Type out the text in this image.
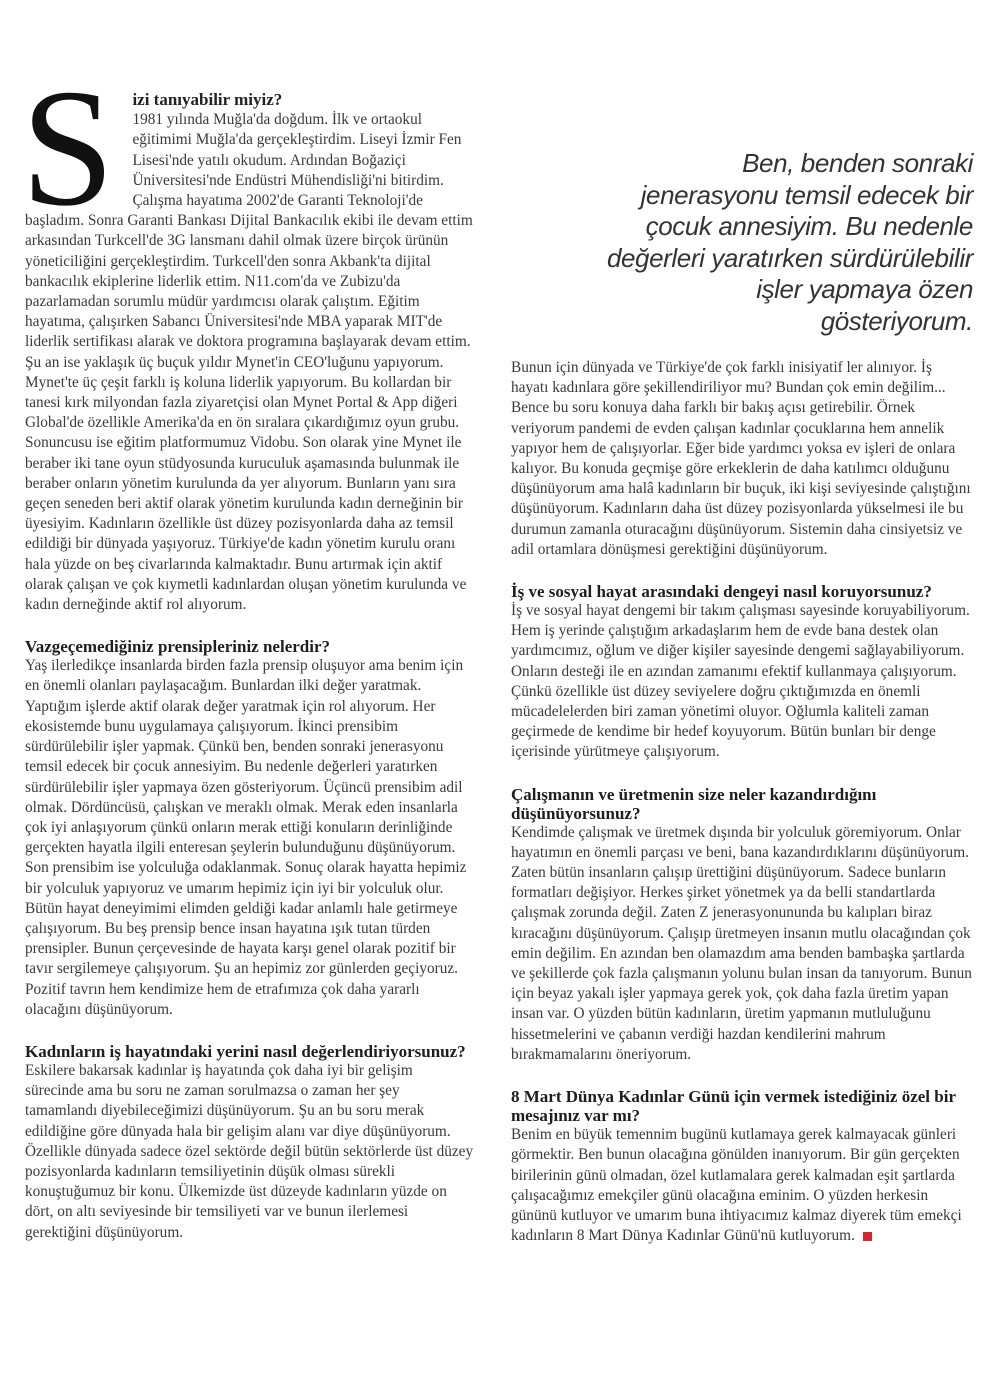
Ben, benden sonraki jenerasyonu temsil edecek bir çocuk annesiyim. Bu nedenle değerleri yaratırken sürdürülebilir işler yapmaya özen gösteriyorum.
S	izi tanıyabilir miyiz?

1981 yılında Muğla'da doğdum. İlk ve ortaokul eğitimimi Muğla'da gerçekleştirdim. Liseyi İzmir Fen Lisesi'nde yatılı okudum. Ardından Boğaziçi Üniversitesi'nde Endüstri Mühendisliği'ni bitirdim. Çalışma hayatıma 2002'de Garanti Teknoloji'de başladım. Sonra Garanti Bankası Dijital Bankacılık ekibi ile devam ettim arkasından Turkcell'de 3G lansmanı dahil olmak üzere birçok ürünün yöneticiliğini gerçekleştirdim. Turkcell'den sonra Akbank'ta dijital bankacılık ekiplerine liderlik ettim. N11.com'da ve Zubizu'da pazarlamadan sorumlu müdür yardımcısı olarak çalıştım. Eğitim hayatıma, çalışırken Sabancı Üniversitesi'nde MBA yaparak MIT'de liderlik sertifikası alarak ve doktora programına başlayarak devam ettim. Şu an ise yaklaşık üç buçuk yıldır Mynet'in CEO'luğunu yapıyorum. Mynet'te üç çeşit farklı iş koluna liderlik yapıyorum. Bu kollardan bir tanesi kırk milyondan fazla ziyaretçisi olan Mynet Portal & App diğeri Global'de özellikle Amerika'da en ön sıralara çıkardığımız oyun grubu. Sonuncusu ise eğitim platformumuz Vidobu. Son olarak yine Mynet ile beraber iki tane oyun stüdyosunda kuruculuk aşamasında bulunmak ile beraber onların yönetim kurulunda da yer alıyorum. Bunların yanı sıra geçen seneden beri aktif olarak yönetim kurulunda kadın derneğinin bir üyesiyim. Kadınların özellikle üst düzey pozisyonlarda daha az temsil edildiği bir dünyada yaşıyoruz. Türkiye'de kadın yönetim kurulu oranı hala yüzde on beş civarlarında kalmaktadır. Bunu artırmak için aktif olarak çalışan ve çok kıymetli kadınlardan oluşan yönetim kurulunda ve kadın derneğinde aktif rol alıyorum.

Vazgeçemediğiniz prensipleriniz nelerdir?

Yaş ilerledikçe insanlarda birden fazla prensip oluşuyor ama benim için en önemli olanları paylaşacağım. Bunlardan ilki değer yaratmak. Yaptığım işlerde aktif olarak değer yaratmak için rol alıyorum. Her ekosistemde bunu uygulamaya çalışıyorum. İkinci prensibim sürdürülebilir işler yapmak. Çünkü ben, benden sonraki jenerasyonu temsil edecek bir çocuk annesiyim. Bu nedenle değerleri yaratırken sürdürülebilir işler yapmaya özen gösteriyorum. Üçüncü prensibim adil olmak. Dördüncüsü, çalışkan ve meraklı olmak. Merak eden insanlarla çok iyi anlaşıyorum çünkü onların merak ettiği konuların derinliğinde gerçekten hayatla ilgili enteresan şeylerin bulunduğunu düşünüyorum. Son prensibim ise yolculuğa odaklanmak. Sonuç olarak hayatta hepimiz bir yolculuk yapıyoruz ve umarım hepimiz için iyi bir yolculuk olur. Bütün hayat deneyimimi elimden geldiği kadar anlamlı hale getirmeye çalışıyorum. Bu beş prensip bence insan hayatına ışık tutan türden prensipler. Bunun çerçevesinde de hayata karşı genel olarak pozitif bir tavır sergilemeye çalışıyorum. Şu an hepimiz zor günlerden geçiyoruz. Pozitif tavrın hem kendimize hem de etrafımıza çok daha yararlı olacağını düşünüyorum.

Kadınların iş hayatındaki yerini nasıl değerlendiriyorsunuz?

Eskilere bakarsak kadınlar iş hayatında çok daha iyi bir gelişim sürecinde ama bu soru ne zaman sorulmazsa o zaman her şey tamamlandı diyebileceğimizi düşünüyorum. Şu an bu soru merak edildiğine göre dünyada hala bir gelişim alanı var diye düşünüyorum. Özellikle dünyada sadece özel sektörde değil bütün sektörlerde üst düzey pozisyonlarda kadınların temsiliyetinin düşük olması sürekli konuştuğumuz bir konu. Ülkemizde üst düzeyde kadınların yüzde on dört, on altı seviyesinde bir temsiliyeti var ve bunun ilerlemesi gerektiğini düşünüyorum.

Bunun için dünyada ve Türkiye'de çok farklı inisiyatif ler alınıyor. İş hayatı kadınlara göre şekillendiriliyor mu? Bundan çok emin değilim... Bence bu soru konuya daha farklı bir bakış açısı getirebilir. Örnek veriyorum pandemi de evden çalışan kadınlar çocuklarına hem annelik yapıyor hem de çalışıyorlar. Eğer bide yardımcı yoksa ev işleri de onlara kalıyor. Bu konuda geçmişe göre erkeklerin de daha katılımcı olduğunu düşünüyorum ama halâ kadınların bir buçuk, iki kişi seviyesinde çalıştığını düşünüyorum. Kadınların daha üst düzey pozisyonlarda yükselmesi ile bu durumun zamanla oturacağını düşünüyorum. Sistemin daha cinsiyetsiz ve adil ortamlara dönüşmesi gerektiğini düşünüyorum.

İş ve sosyal hayat arasındaki dengeyi nasıl koruyorsunuz?

İş ve sosyal hayat dengemi bir takım çalışması sayesinde koruyabiliyorum. Hem iş yerinde çalıştığım arkadaşlarım hem de evde bana destek olan yardımcımız, oğlum ve diğer kişiler sayesinde dengemi sağlayabiliyorum. Onların desteği ile en azından zamanımı efektif kullanmaya çalışıyorum. Çünkü özellikle üst düzey seviyelere doğru çıktığımızda en önemli mücadelelerden biri zaman yönetimi oluyor. Oğlumla kaliteli zaman geçirmede de kendime bir hedef koyuyorum. Bütün bunları bir denge içerisinde yürütmeye çalışıyorum.

Çalışmanın ve üretmenin size neler kazandırdığını düşünüyorsunuz?

Kendimde çalışmak ve üretmek dışında bir yolculuk göremiyorum. Onlar hayatımın en önemli parçası ve beni, bana kazandırdıklarını düşünüyorum. Zaten bütün insanların çalışıp ürettiğini düşünüyorum. Sadece bunların formatları değişiyor. Herkes şirket yönetmek ya da belli standartlarda çalışmak zorunda değil. Zaten Z jenerasyonununda bu kalıpları biraz kıracağını düşünüyorum. Çalışıp üretmeyen insanın mutlu olacağından çok emin değilim. En azından ben olamazdım ama benden bambaşka şartlarda ve şekillerde çok fazla çalışmanın yolunu bulan insan da tanıyorum. Bunun için beyaz yakalı işler yapmaya gerek yok, çok daha fazla üretim yapan insan var. O yüzden bütün kadınların, üretim yapmanın mutluluğunu hissetmelerini ve çabanın verdiği hazdan kendilerini mahrum bırakmamalarını öneriyorum.

8 Mart Dünya Kadınlar Günü için vermek istediğiniz özel bir mesajınız var mı?

Benim en büyük temennim bugünü kutlamaya gerek kalmayacak günleri görmektir. Ben bunun olacağına gönülden inanıyorum. Bir gün gerçekten birilerinin günü olmadan, özel kutlamalara gerek kalmadan eşit şartlarda çalışacağımız emekçiler günü olacağına eminim. O yüzden herkesin gününü kutluyor ve umarım buna ihtiyacımız kalmaz diyerek tüm emekçi kadınların 8 Mart Dünya Kadınlar Günü'nü kutluyorum.
